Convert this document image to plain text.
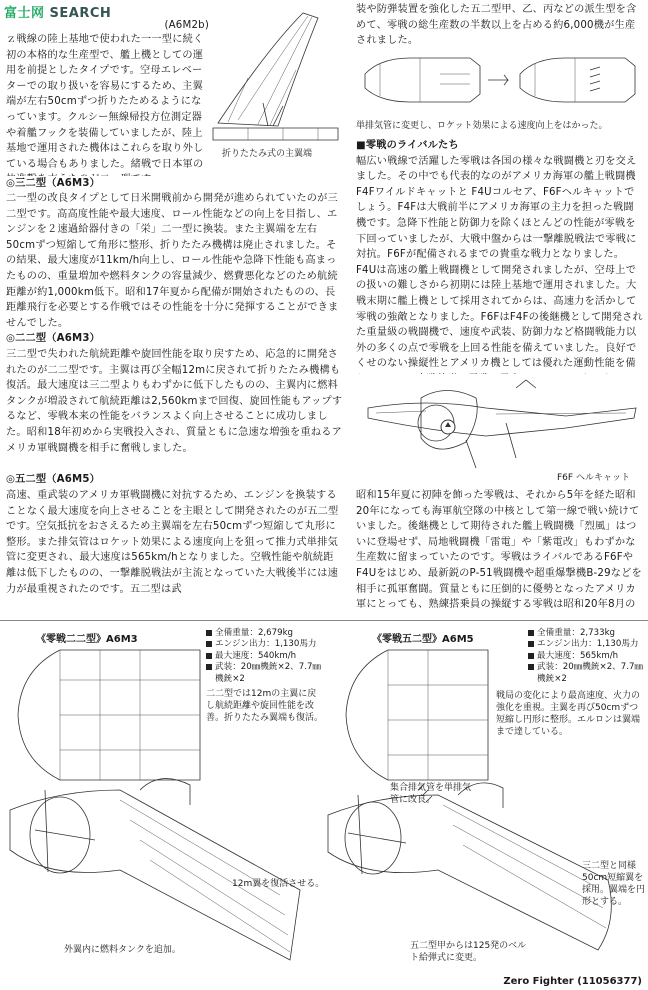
富士网 SEARCH

(A6M2b)

ｚ戦線の陸上基地で使われた一一型に続く初の本格的な生産型で、艦上機としての運用を前提としたタイプです。空母エレベーターでの取り扱いを容易にするため、主翼端が左右50cmずつ折りたためるようになっています。クルシー無線帰投方位測定器や着艦フックを装備していましたが、陸上基地で運用された機体はこれらを取り外している場合もありました。緒戦で日本軍の

◎三二型（A6M3）

二一型の改良タイプとして日米開戦前から開発が進められていたのが三二型です。高高度性能や最大速度、ロール性能などの向上を目指し、エンジンを２速過給器付きの「栄」二一型に換装。また主翼端を左右50cmずつ短縮して角形に整形、折りたたみ機構は廃止されました。その結果、最大速度が11km/h向上し、ロール性能や急降下性能も高まったものの、重量増加や燃料タンクの容量減少、燃費悪化などのため航続距離が約1,000km低下。昭和17年夏から配備が開始されたものの、長距離飛行を必要とする作戦ではその性能を十分に発揮することができませんでした。

◎二二型（A6M3）

三二型で失われた航続距離や旋回性能を取り戻すため、応急的に開発されたのが二二型です。主翼は再び全幅12mに戻されて折りたたみ機構も復活。最大速度は三二型よりもわずかに低下したものの、主翼内に燃料タンクが増設されて航続距離は2,560kmまで回復、旋回性能もアップするなど、零戦本来の性能をバランスよく向上させることに成功しました。昭和18年初めから実戦投入され、質量ともに急速な増強を重ねるアメリカ軍戦闘機を相手に奮戦しました。

◎五二型（A6M5）

高速、重武装のアメリカ軍戦闘機に対抗するため、エンジンを換装することなく最大速度を向上させることを主眼として開発されたのが五二型です。空気抵抗をおさえるため主翼端を左右50cmずつ短縮して丸形に整形。また排気管はロケット効果による速度向上を狙って推力式単排気管に変更され、最大速度は565km/hとなりました。空戦性能や航続距離は低下したものの、一撃離脱戦法が主流となっていた大戦後半には速力が最重視されたのです。五二型は武

折りたたみ式の主翼端

装や防弾装置を強化した五二型甲、乙、丙などの派生型を含めて、零戦の総生産数の半数以上を占める約6,000機が生産されました。

単排気管に変更し、ロケット効果による速度向上をはかった。

■零戦のライバルたち

幅広い戦線で活躍した零戦は各国の様々な戦闘機と刃を交えました。その中でも代表的なのがアメリカ海軍の艦上戦闘機F4Fワイルドキャットと F4Uコルセア、F6Fヘルキャットでしょう。F4Fは大戦前半にアメリカ海軍の主力を担った戦闘機です。急降下性能と防御力を除くほとんどの性能が零戦を下回っていましたが、大戦中盤からは一撃離脱戦法で零戦に対抗。F6Fが配備されるまでの貴重な戦力となりました。F4Uは高速の艦上戦闘機として開発されましたが、空母上での扱いの難しさから初期には陸上基地で運用されました。大戦末期に艦上機として採用されてからは、高速力を活かして零戦の強敵となりました。F6FはF4Fの後継機として開発された重量級の戦闘機で、速度や武装、防御力など格闘戦能力以外の多くの点で零戦を上回る性能を備えていました。良好でくせのない操縦性とアメリカ機としては優れた運動性能を備

F6F ヘルキャット

昭和15年夏に初陣を飾った零戦は、それから5年を経た昭和20年になっても海軍航空隊の中核として第一線で戦い続けていました。後継機として期待された艦上戦闘機「烈風」はついに登場せず、局地戦闘機「雷電」や「紫電改」もわずかな生産数に留まっていたのです。零戦はライバルであるF6FやF4Uをはじめ、最新鋭のP-51戦闘機や超重爆撃機B-29などを相手に孤軍奮闘。質量ともに圧倒的に優勢となったアメリカ軍にとっても、熟練搭乗員の操縦する零戦は昭和20年8月の

《零戦二二型》A6M3
全備重量：2,679kg
エンジン出力：1,130馬力
最大速度：540km/h
武装：20㎜機銃×2、7.7㎜機銃×2
二二型では12mの主翼に戻し航続距離や旋回性能を改善。折りたたみ翼端も復活。
12m翼を復活させる。
外翼内に燃料タンクを追加。
《零戦五二型》A6M5
全備重量：2,733kg
エンジン出力：1,130馬力
最大速度：565km/h
武装：20㎜機銃×2、7.7㎜機銃×2
戦局の変化により最高速度、火力の強化を重視。主翼を再び50cmずつ短縮し円形に整形。エルロンは翼端まで達している。
集合排気管を単排気管に改良。
三二型と同様50cm短縮翼を採用。翼端を円形とする。
五二型甲からは125発のベルト給弾式に変更。
Zero Fighter (11056377)
